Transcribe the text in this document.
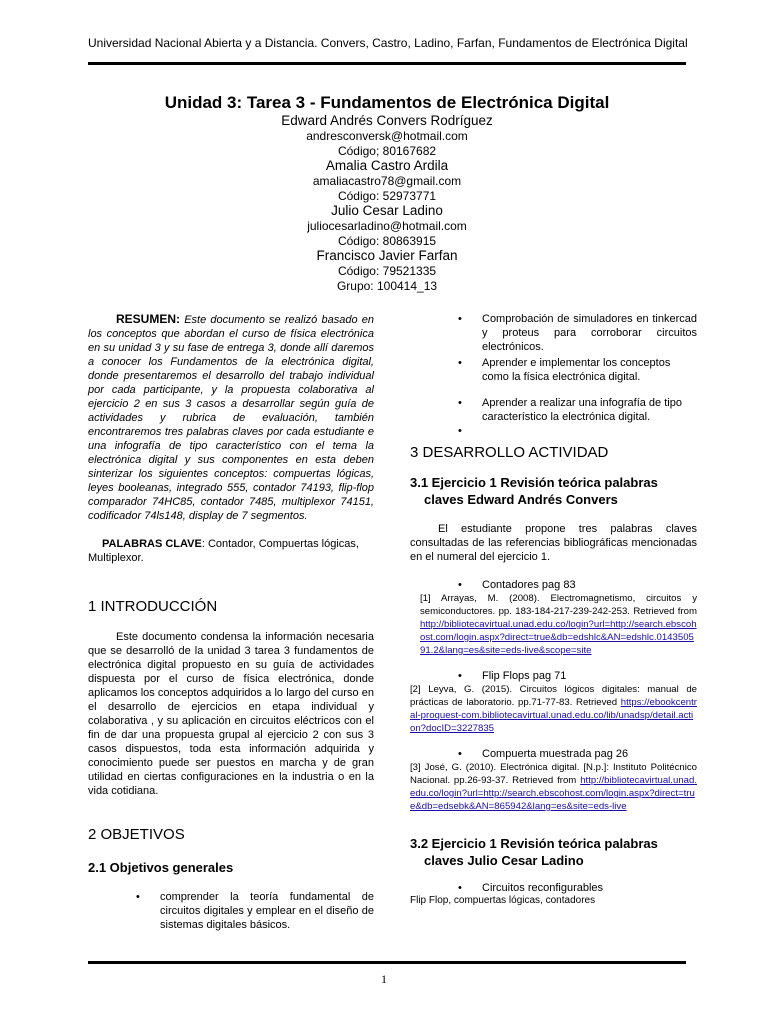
Universidad Nacional Abierta y a Distancia. Convers, Castro, Ladino, Farfan, Fundamentos de Electrónica Digital
Unidad 3: Tarea 3 - Fundamentos de Electrónica Digital
Edward Andrés Convers Rodríguez
andresconversk@hotmail.com
Código; 80167682
Amalia Castro Ardila
amaliacastro78@gmail.com
Código: 52973771
Julio Cesar Ladino
juliocesarladino@hotmail.com
Código: 80863915
Francisco Javier Farfan
Código: 79521335
Grupo: 100414_13
RESUMEN: Este documento se realizó basado en los conceptos que abordan el curso de física electrónica en su unidad 3 y su fase de entrega 3, donde allí daremos a conocer los Fundamentos de la electrónica digital, donde presentaremos el desarrollo del trabajo individual por cada participante, y la propuesta colaborativa al ejercicio 2 en sus 3 casos a desarrollar según guía de actividades y rubrica de evaluación, también encontraremos tres palabras claves por cada estudiante e una infografía de tipo característico con el tema la electrónica digital y sus componentes en esta deben sinterizar los siguientes conceptos: compuertas lógicas, leyes booleanas, integrado 555, contador 74193, flip-flop comparador 74HC85, contador 7485, multiplexor 74151, codificador 74ls148, display de 7 segmentos.
PALABRAS CLAVE: Contador, Compuertas lógicas, Multiplexor.
1 INTRODUCCIÓN
Este documento condensa la información necesaria que se desarrolló de la unidad 3 tarea 3 fundamentos de electrónica digital propuesto en su guía de actividades dispuesta por el curso de física electrónica, donde aplicamos los conceptos adquiridos a lo largo del curso en el desarrollo de ejercicios en etapa individual y colaborativa , y su aplicación en circuitos eléctricos con el fin de dar una propuesta grupal al ejercicio 2 con sus 3 casos dispuestos, toda esta información adquirida y conocimiento puede ser puestos en marcha y de gran utilidad en ciertas configuraciones en la industria o en la vida cotidiana.
2 OBJETIVOS
2.1 Objetivos generales
• comprender la teoría fundamental de circuitos digitales y emplear en el diseño de sistemas digitales básicos.
• Comprobación de simuladores en tinkercad y proteus para corroborar circuitos electrónicos.
• Aprender e implementar los conceptos como la física electrónica digital.
• Aprender a realizar una infografía de tipo característico la electrónica digital.
•
3 DESARROLLO ACTIVIDAD
3.1 Ejercicio 1 Revisión teórica palabras claves Edward Andrés Convers
El estudiante propone tres palabras claves consultadas de las referencias bibliográficas mencionadas en el numeral del ejercicio 1.
• Contadores pag 83
[1] Arrayas, M. (2008). Electromagnetismo, circuitos y semiconductores. pp. 183-184-217-239-242-253. Retrieved from http://bibliotecavirtual.unad.edu.co/login?url=http://search.ebscohost.com/login.aspx?direct=true&db=edshlc&AN=edshlc.014350591.2&lang=es&site=eds-live&scope=site
• Flip Flops pag 71
[2] Leyva, G. (2015). Circuitos lógicos digitales: manual de prácticas de laboratorio. pp.71-77-83. Retrieved https://ebookcentral-proquest-com.bibliotecavirtual.unad.edu.co/lib/unadsp/detail.action?docID=3227835
• Compuerta muestrada pag 26
[3] José, G. (2010). Electrónica digital. [N.p.]: Instituto Politécnico Nacional. pp.26-93-37. Retrieved from http://bibliotecavirtual.unad.edu.co/login?url=http://search.ebscohost.com/login.aspx?direct=true&db=edsebk&AN=865942&lang=es&site=eds-live
3.2 Ejercicio 1 Revisión teórica palabras claves Julio Cesar Ladino
• Circuitos reconfigurables
Flip Flop, compuertas lógicas, contadores
1
